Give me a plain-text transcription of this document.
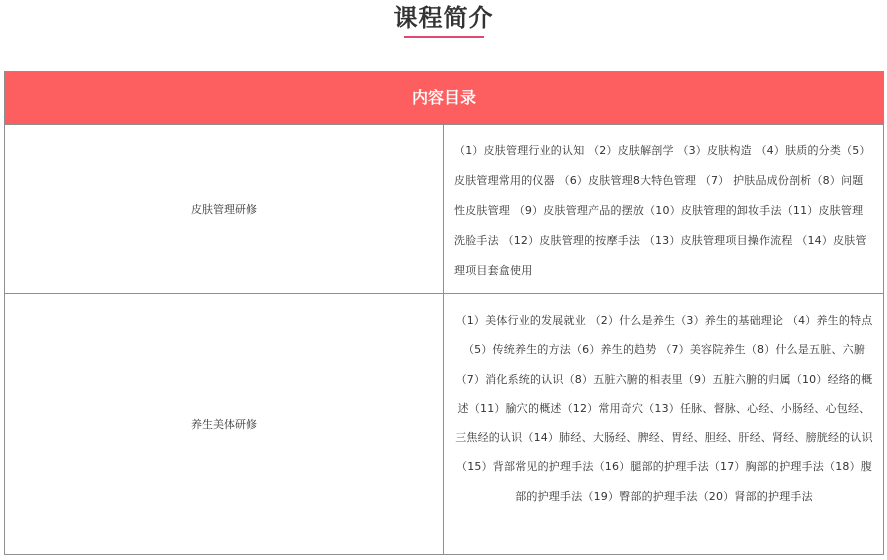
课程简介
内容目录
皮肤管理研修
（1）皮肤管理行业的认知 （2）皮肤解剖学 （3）皮肤构造 （4）肤质的分类（5） 皮肤管理常用的仪器 （6）皮肤管理8大特色管理 （7） 护肤品成份剖析（8）问题性皮肤管理 （9）皮肤管理产品的摆放（10）皮肤管理的卸妆手法（11）皮肤管理洗脸手法 （12）皮肤管理的按摩手法 （13）皮肤管理项目操作流程 （14）皮肤管理项目套盒使用
养生美体研修
（1）美体行业的发展就业 （2）什么是养生（3）养生的基础理论 （4）养生的特点（5）传统养生的方法（6）养生的趋势 （7）美容院养生（8）什么是五脏、六腑（7）消化系统的认识（8）五脏六腑的相表里（9）五脏六腑的归属（10）经络的概述（11）腧穴的概述（12）常用奇穴（13）任脉、督脉、心经、小肠经、心包经、三焦经的认识（14）肺经、大肠经、脾经、胃经、胆经、肝经、肾经、膀胱经的认识（15）背部常见的护理手法（16）腿部的护理手法（17）胸部的护理手法（18）腹部的护理手法（19）臀部的护理手法（20）肾部的护理手法
